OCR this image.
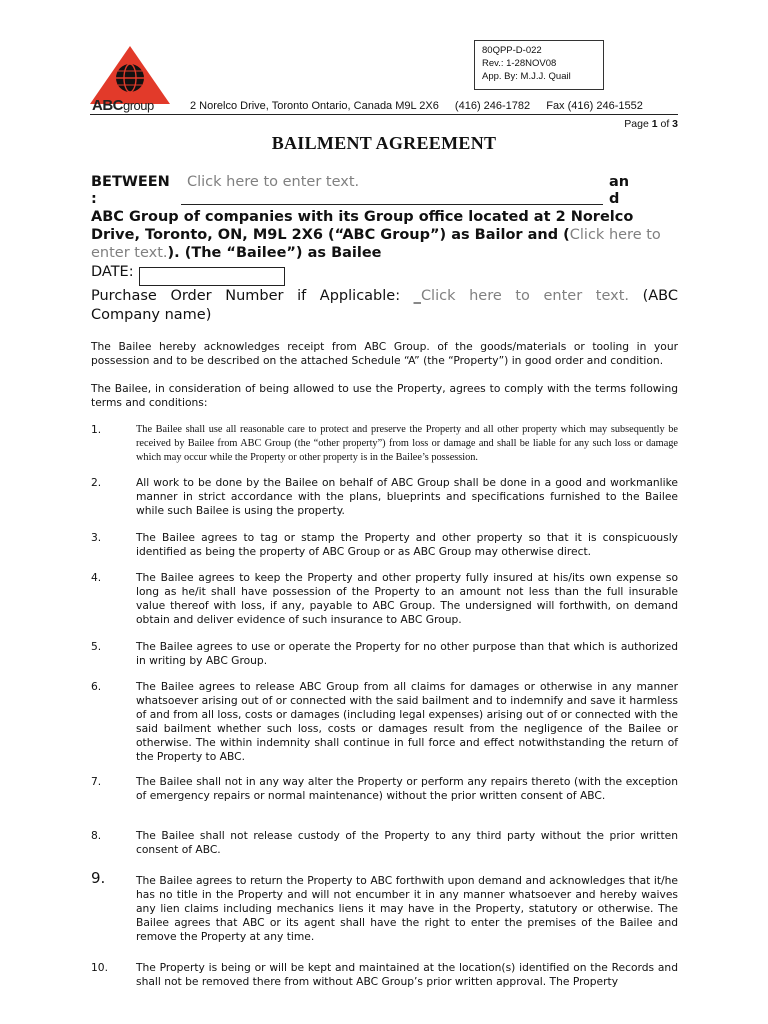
ABCgroup
80QPP-D-022
Rev.: 1-28NOV08
App. By: M.J.J. Quail
2 Norelco Drive, Toronto Ontario, Canada M9L 2X6 (416) 246-1782 Fax (416) 246-1552
Page 1 of 3
BAILMENT AGREEMENT
BETWEEN
:
Click here to enter text.	an
d
ABC Group of companies with its Group office located at 2 Norelco Drive, Toronto, ON, M9L 2X6 (“ABC Group”) as Bailor and (Click here to enter text.). (The “Bailee”) as Bailee
DATE:
Purchase Order Number if Applicable: _Click here to enter text. (ABC
Company name)
The Bailee hereby acknowledges receipt from ABC Group. of the goods/materials or tooling in your possession and to be described on the attached Schedule “A” (the “Property”) in good order and condition.
The Bailee, in consideration of being allowed to use the Property, agrees to comply with the terms following terms and conditions:
1.	The Bailee shall use all reasonable care to protect and preserve the Property and all other property which may subsequently be received by Bailee from ABC Group (the “other property”) from loss or damage and shall be liable for any such loss or damage which may occur while the Property or other property is in the Bailee’s possession.
2.	All work to be done by the Bailee on behalf of ABC Group shall be done in a good and workmanlike manner in strict accordance with the plans, blueprints and specifications furnished to the Bailee while such Bailee is using the property.
3.	The Bailee agrees to tag or stamp the Property and other property so that it is conspicuously identified as being the property of ABC Group or as ABC Group may otherwise direct.
4.	The Bailee agrees to keep the Property and other property fully insured at his/its own expense so long as he/it shall have possession of the Property to an amount not less than the full insurable value thereof with loss, if any, payable to ABC Group. The undersigned will forthwith, on demand obtain and deliver evidence of such insurance to ABC Group.
5.	The Bailee agrees to use or operate the Property for no other purpose than that which is authorized in writing by ABC Group.
6.	The Bailee agrees to release ABC Group from all claims for damages or otherwise in any manner whatsoever arising out of or connected with the said bailment and to indemnify and save it harmless of and from all loss, costs or damages (including legal expenses) arising out of or connected with the said bailment whether such loss, costs or damages result from the negligence of the Bailee or otherwise. The within indemnity shall continue in full force and effect notwithstanding the return of the Property to ABC.
7.	The Bailee shall not in any way alter the Property or perform any repairs thereto (with the exception of emergency repairs or normal maintenance) without the prior written consent of ABC.
8.	The Bailee shall not release custody of the Property to any third party without the prior written consent of ABC.
9.	The Bailee agrees to return the Property to ABC forthwith upon demand and acknowledges that it/he has no title in the Property and will not encumber it in any manner whatsoever and hereby waives any lien claims including mechanics liens it may have in the Property, statutory or otherwise. The Bailee agrees that ABC or its agent shall have the right to enter the premises of the Bailee and remove the Property at any time.
10.	The Property is being or will be kept and maintained at the location(s) identified on the Records and shall not be removed there from without ABC Group’s prior written approval. The Property
